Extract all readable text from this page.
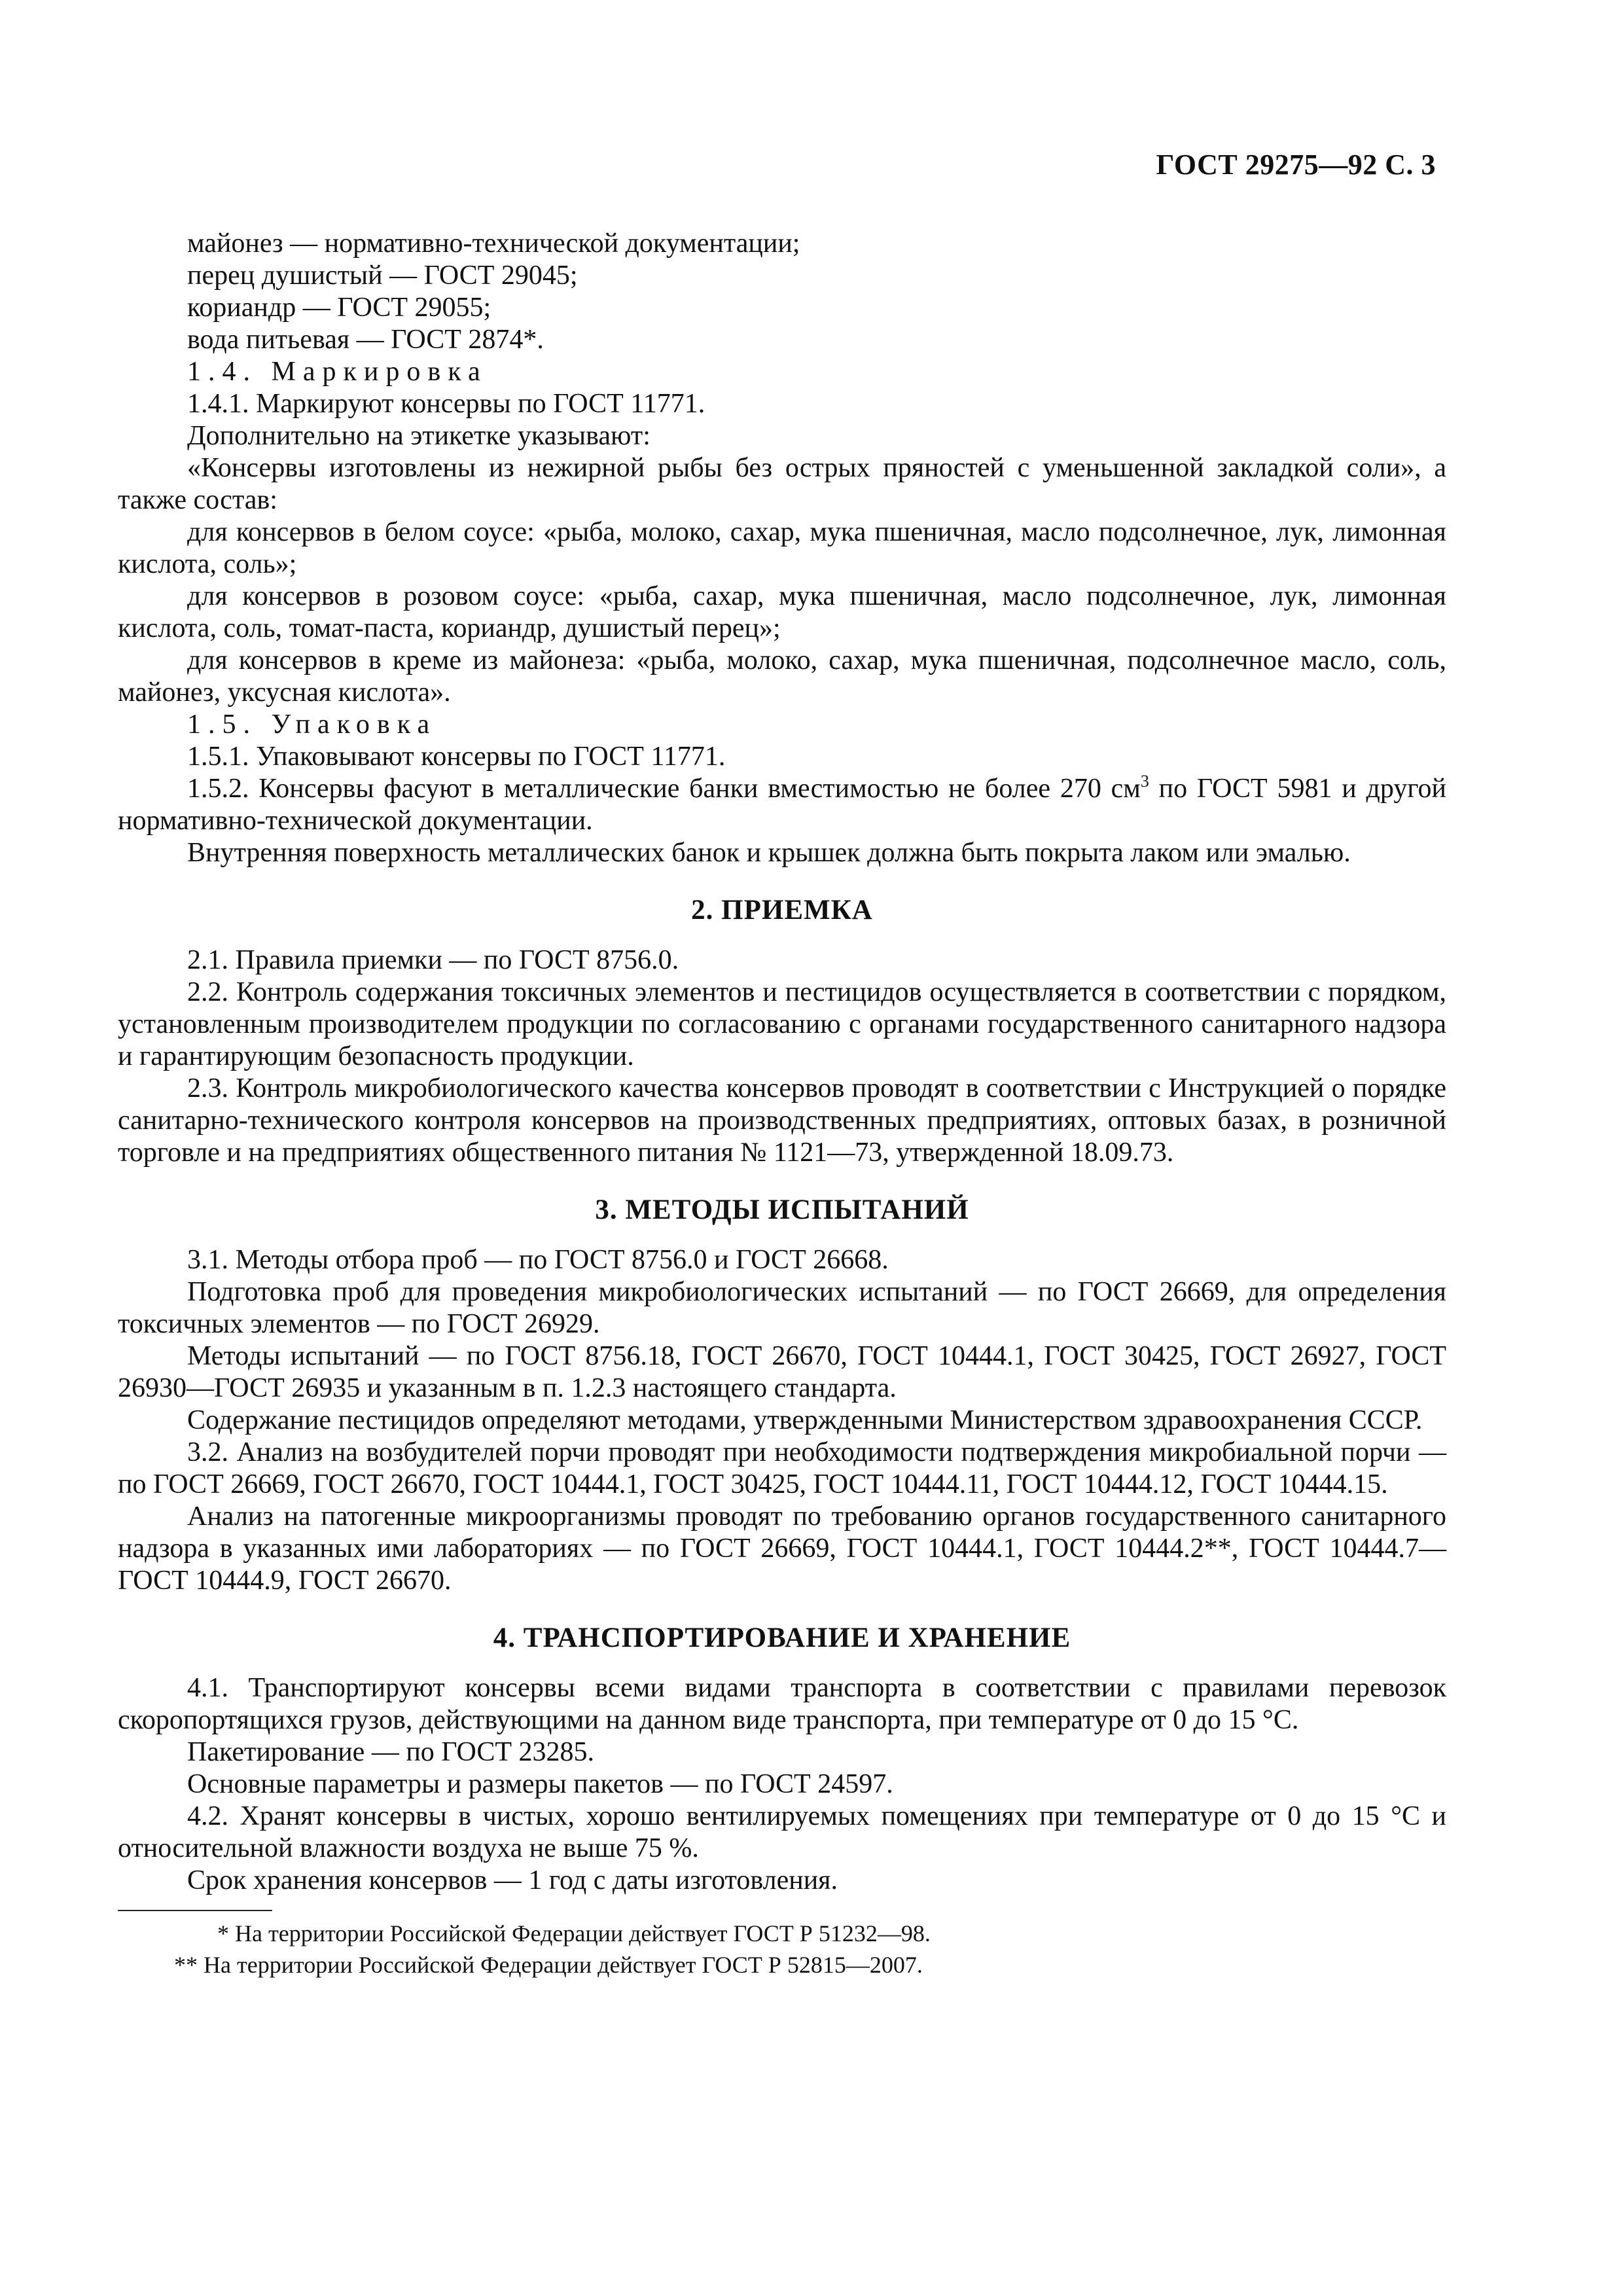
ГОСТ 29275—92 С. 3

майонез — нормативно-технической документации;

перец душистый — ГОСТ 29045;

кориандр — ГОСТ 29055;

вода питьевая — ГОСТ 2874*.

1.4. Маркировка

1.4.1. Маркируют консервы по ГОСТ 11771.

Дополнительно на этикетке указывают:

«Консервы изготовлены из нежирной рыбы без острых пряностей с уменьшенной закладкой соли», а также состав:

для консервов в белом соусе: «рыба, молоко, сахар, мука пшеничная, масло подсолнечное, лук, лимонная кислота, соль»;

для консервов в розовом соусе: «рыба, сахар, мука пшеничная, масло подсолнечное, лук, лимонная кислота, соль, томат-паста, кориандр, душистый перец»;

для консервов в креме из майонеза: «рыба, молоко, сахар, мука пшеничная, подсолнечное масло, соль, майонез, уксусная кислота».

1.5. Упаковка

1.5.1. Упаковывают консервы по ГОСТ 11771.

1.5.2. Консервы фасуют в металлические банки вместимостью не более 270 $см^3$ по ГОСТ 5981 и другой нормативно-технической документации.

Внутренняя поверхность металлических банок и крышек должна быть покрыта лаком или эмалью.

2. ПРИЕМКА

2.1. Правила приемки — по ГОСТ 8756.0.

2.2. Контроль содержания токсичных элементов и пестицидов осуществляется в соответствии с порядком, установленным производителем продукции по согласованию с органами государственного санитарного надзора и гарантирующим безопасность продукции.

2.3. Контроль микробиологического качества консервов проводят в соответствии с Инструкцией о порядке санитарно-технического контроля консервов на производственных предприятиях, оптовых базах, в розничной торговле и на предприятиях общественного питания № 1121—73, утвержденной 18.09.73.

3. МЕТОДЫ ИСПЫТАНИЙ

3.1. Методы отбора проб — по ГОСТ 8756.0 и ГОСТ 26668.

Подготовка проб для проведения микробиологических испытаний — по ГОСТ 26669, для определения токсичных элементов — по ГОСТ 26929.

Методы испытаний — по ГОСТ 8756.18, ГОСТ 26670, ГОСТ 10444.1, ГОСТ 30425, ГОСТ 26927, ГОСТ 26930—ГОСТ 26935 и указанным в п. 1.2.3 настоящего стандарта.

Содержание пестицидов определяют методами, утвержденными Министерством здравоохранения СССР.

3.2. Анализ на возбудителей порчи проводят при необходимости подтверждения микробиальной порчи — по ГОСТ 26669, ГОСТ 26670, ГОСТ 10444.1, ГОСТ 30425, ГОСТ 10444.11, ГОСТ 10444.12, ГОСТ 10444.15.

Анализ на патогенные микроорганизмы проводят по требованию органов государственного санитарного надзора в указанных ими лабораториях — по ГОСТ 26669, ГОСТ 10444.1, ГОСТ 10444.2**, ГОСТ 10444.7—ГОСТ 10444.9, ГОСТ 26670.

4. ТРАНСПОРТИРОВАНИЕ И ХРАНЕНИЕ

4.1. Транспортируют консервы всеми видами транспорта в соответствии с правилами перевозок скоропортящихся грузов, действующими на данном виде транспорта, при температуре от 0 до 15 °С.

Пакетирование — по ГОСТ 23285.

Основные параметры и размеры пакетов — по ГОСТ 24597.

4.2. Хранят консервы в чистых, хорошо вентилируемых помещениях при температуре от 0 до 15 °С и относительной влажности воздуха не выше 75 %.

Срок хранения консервов — 1 год с даты изготовления.

* На территории Российской Федерации действует ГОСТ Р 51232—98.

** На территории Российской Федерации действует ГОСТ Р 52815—2007.
